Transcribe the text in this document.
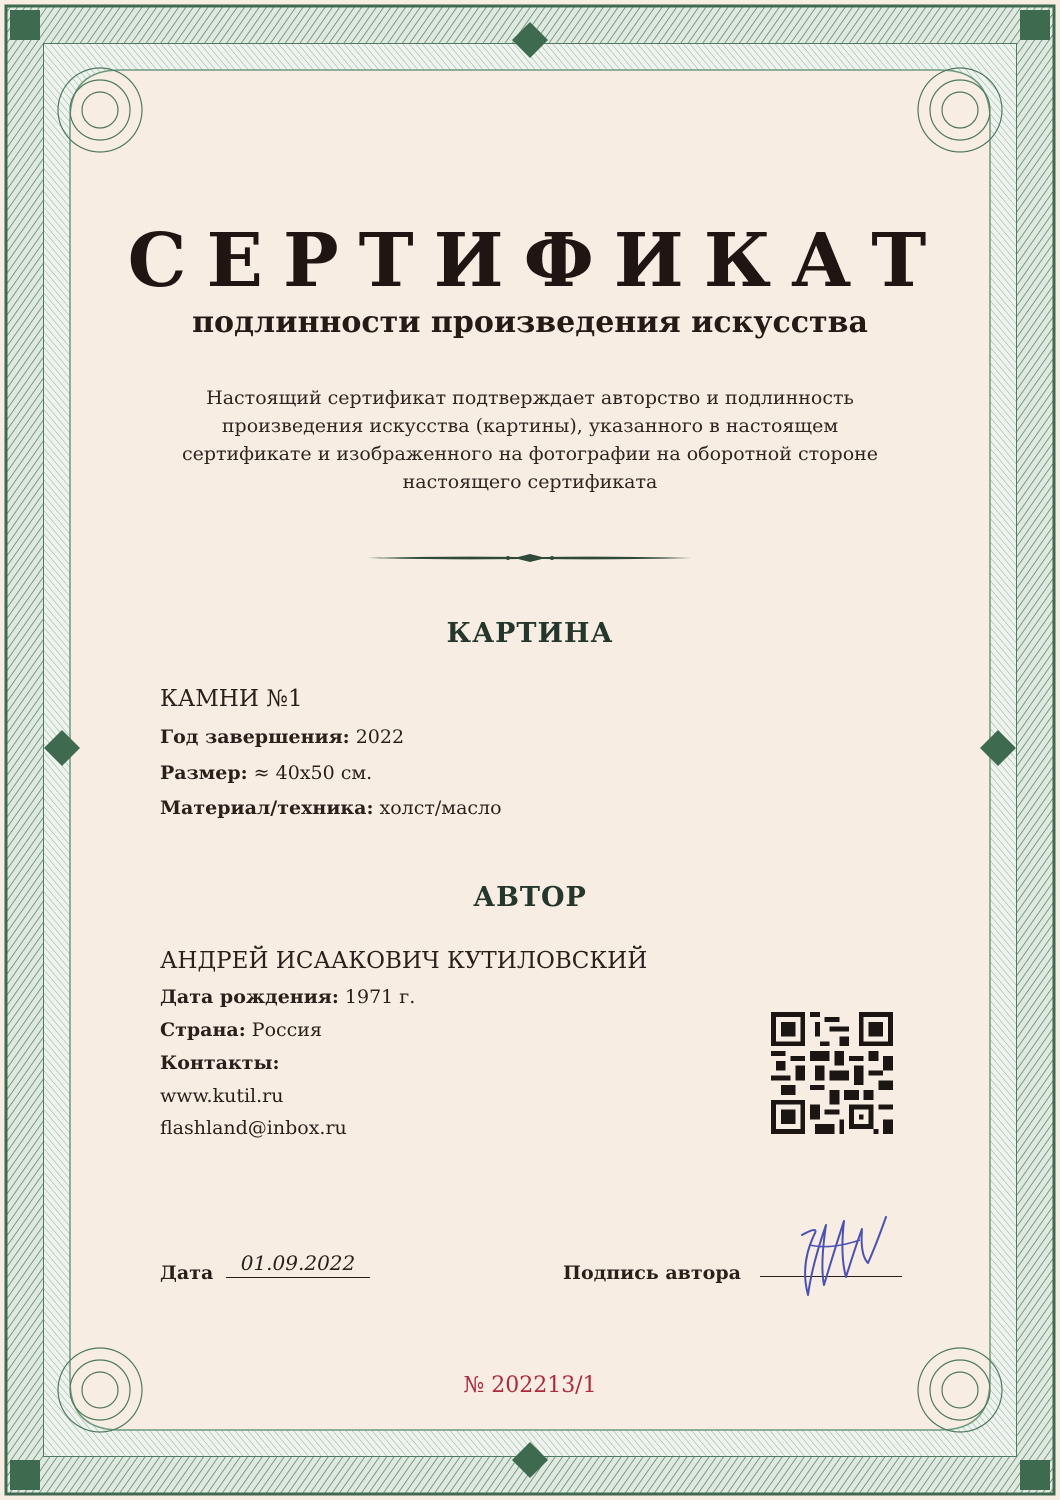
СЕРТИФИКАТ
подлинности произведения искусства
Настоящий сертификат подтверждает авторство и подлинность произведения искусства (картины), указанного в настоящем сертификате и изображенного на фотографии на оборотной стороне настоящего сертификата
КАРТИНА
КАМНИ №1
Год завершения: 2022
Размер: ≈ 40x50 см.
Материал/техника: холст/масло
АВТОР
АНДРЕЙ ИСААКОВИЧ КУТИЛОВСКИЙ
Дата рождения: 1971 г.
Страна: Россия
Контакты:
www.kutil.ru
flashland@inbox.ru
Дата	01.09.2022	Подпись автора
№ 202213/1
